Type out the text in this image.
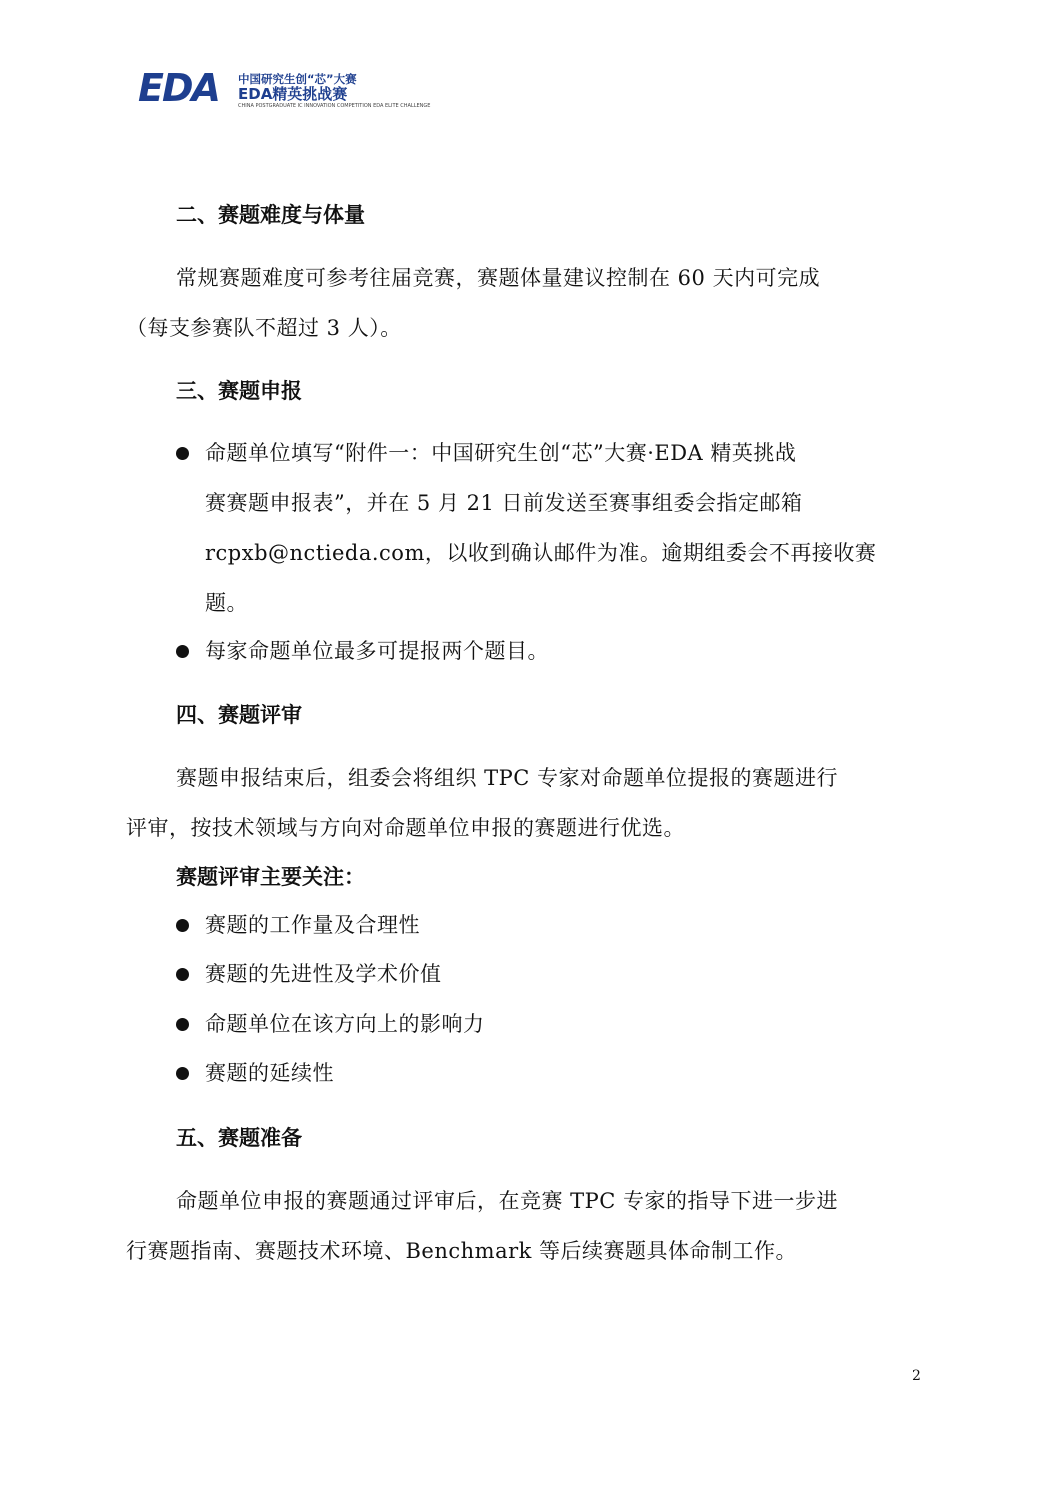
EDA 中国研究生创“芯”大赛
EDA精英挑战赛
CHINA POSTGRADUATE IC INNOVATION COMPETITION EDA ELITE CHALLENGE
二、赛题难度与体量
常规赛题难度可参考往届竞赛，赛题体量建议控制在 60 天内可完成
（每支参赛队不超过 3 人）。
三、赛题申报
命题单位填写“附件一：中国研究生创“芯”大赛·EDA 精英挑战
赛赛题申报表”，并在 5 月 21 日前发送至赛事组委会指定邮箱
rcpxb@nctieda.com，以收到确认邮件为准。逾期组委会不再接收赛
题。
每家命题单位最多可提报两个题目。
四、赛题评审
赛题申报结束后，组委会将组织 TPC 专家对命题单位提报的赛题进行
评审，按技术领域与方向对命题单位申报的赛题进行优选。
赛题评审主要关注：
赛题的工作量及合理性
赛题的先进性及学术价值
命题单位在该方向上的影响力
赛题的延续性
五、赛题准备
命题单位申报的赛题通过评审后，在竞赛 TPC 专家的指导下进一步进
行赛题指南、赛题技术环境、Benchmark 等后续赛题具体命制工作。
2
